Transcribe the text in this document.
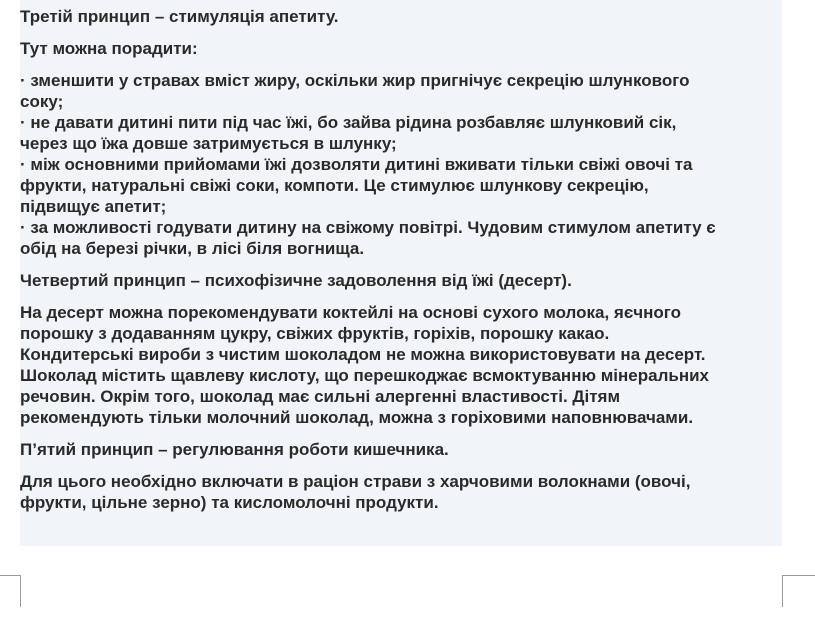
Третій принцип – стимуляція апетиту.

Тут можна порадити:

· зменшити у стравах вміст жиру, оскільки жир пригнічує секрецію шлункового
соку;
· не давати дитині пити під час їжі, бо зайва рідина розбавляє шлунковий сік,
через що їжа довше затримується в шлунку;
· між основними прийомами їжі дозволяти дитині вживати тільки свіжі овочі та
фрукти, натуральні свіжі соки, компоти. Це стимулює шлункову секрецію,
підвищує апетит;
· за можливості годувати дитину на свіжому повітрі. Чудовим стимулом апетиту є
обід на березі річки, в лісі біля вогнища.

Четвертий принцип – психофізичне задоволення від їжі (десерт).

На десерт можна порекомендувати коктейлі на основі сухого молока, яєчного
порошку з додаванням цукру, свіжих фруктів, горіхів, порошку какао.
Кондитерські вироби з чистим шоколадом не можна використовувати на десерт.
Шоколад містить щавлеву кислоту, що перешкоджає всмоктуванню мінеральних
речовин. Окрім того, шоколад має сильні алергенні властивості. Дітям
рекомендують тільки молочний шоколад, можна з горіховими наповнювачами.

П’ятий принцип – регулювання роботи кишечника.

Для цього необхідно включати в раціон страви з харчовими волокнами (овочі,
фрукти, цільне зерно) та кисломолочні продукти.
